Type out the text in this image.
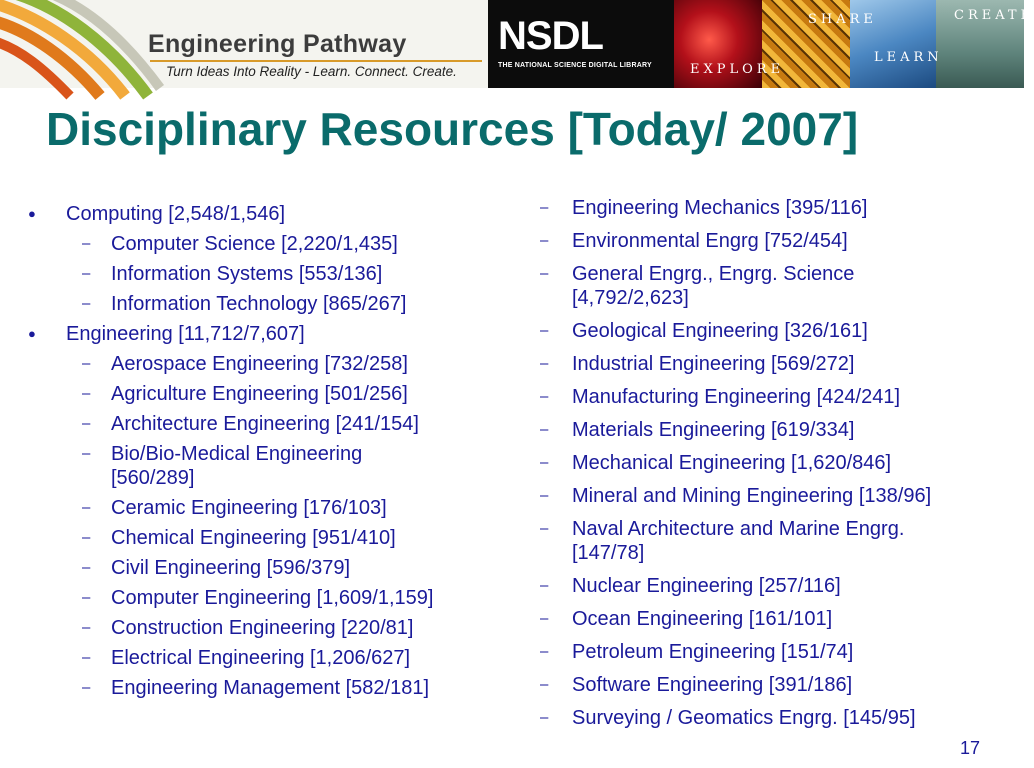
Engineering Pathway
Turn Ideas Into Reality - Learn. Connect. Create.
NSDL
THE NATIONAL SCIENCE DIGITAL LIBRARY
SHARE	CREATE
LEARN
EXPLORE
Disciplinary Resources [Today/ 2007]
● Computing [2,548/1,546]
– Computer Science [2,220/1,435]
– Information Systems [553/136]
– Information Technology [865/267]
● Engineering [11,712/7,607]
– Aerospace Engineering [732/258]
– Agriculture Engineering [501/256]
– Architecture Engineering [241/154]
– Bio/Bio-Medical Engineering [560/289]
– Ceramic Engineering [176/103]
– Chemical Engineering [951/410]
– Civil Engineering [596/379]
– Computer Engineering [1,609/1,159]
– Construction Engineering [220/81]
– Electrical Engineering [1,206/627]
– Engineering Management [582/181]
– Engineering Mechanics [395/116]
– Environmental Engrg [752/454]
– General Engrg., Engrg. Science [4,792/2,623]
– Geological Engineering [326/161]
– Industrial Engineering [569/272]
– Manufacturing Engineering [424/241]
– Materials Engineering [619/334]
– Mechanical Engineering [1,620/846]
– Mineral and Mining Engineering [138/96]
– Naval Architecture and Marine Engrg. [147/78]
– Nuclear Engineering [257/116]
– Ocean Engineering [161/101]
– Petroleum Engineering [151/74]
– Software Engineering [391/186]
– Surveying / Geomatics Engrg. [145/95]
17
